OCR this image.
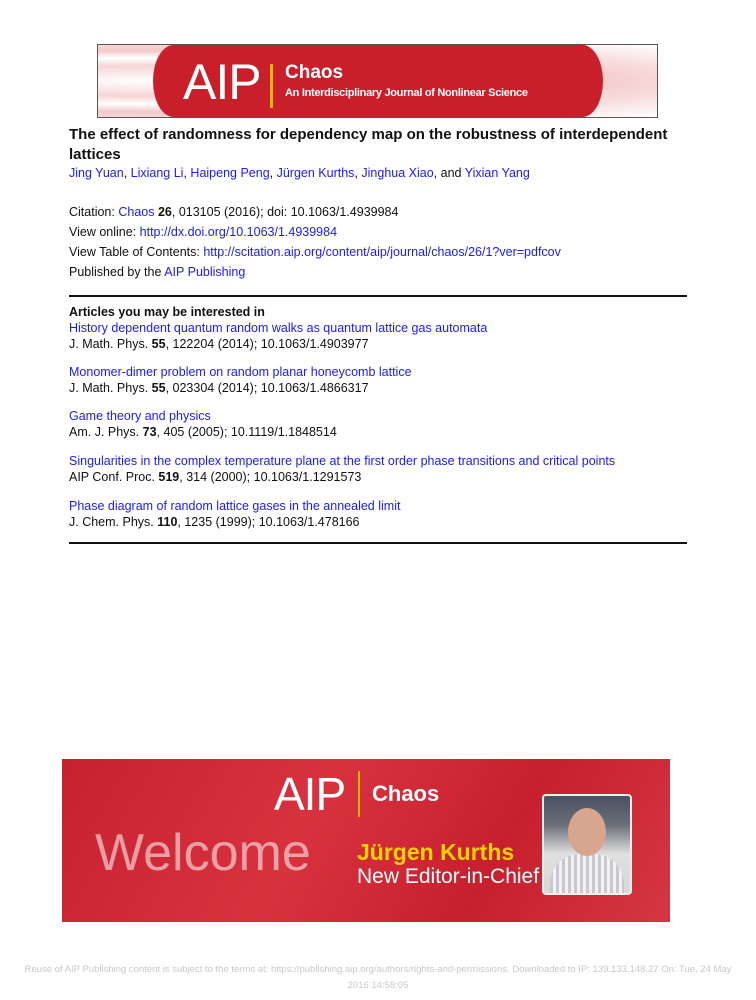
AIP Chaos
An Interdisciplinary Journal of Nonlinear Science
The effect of randomness for dependency map on the robustness of interdependent lattices
Jing Yuan, Lixiang Li, Haipeng Peng, Jürgen Kurths, Jinghua Xiao, and Yixian Yang
Citation: Chaos 26, 013105 (2016); doi: 10.1063/1.4939984
View online: http://dx.doi.org/10.1063/1.4939984
View Table of Contents: http://scitation.aip.org/content/aip/journal/chaos/26/1?ver=pdfcov
Published by the AIP Publishing
Articles you may be interested in
History dependent quantum random walks as quantum lattice gas automata
J. Math. Phys. 55, 122204 (2014); 10.1063/1.4903977
Monomer-dimer problem on random planar honeycomb lattice
J. Math. Phys. 55, 023304 (2014); 10.1063/1.4866317
Game theory and physics
Am. J. Phys. 73, 405 (2005); 10.1119/1.1848514
Singularities in the complex temperature plane at the first order phase transitions and critical points
AIP Conf. Proc. 519, 314 (2000); 10.1063/1.1291573
Phase diagram of random lattice gases in the annealed limit
J. Chem. Phys. 110, 1235 (1999); 10.1063/1.478166
AIP Chaos
Welcome Jürgen Kurths
New Editor-in-Chief
Reuse of AIP Publishing content is subject to the terms at: https://publishing.aip.org/authors/rights-and-permissions. Downloaded to IP: 139.133.148.27 On: Tue, 24 May
2016 14:58:05
